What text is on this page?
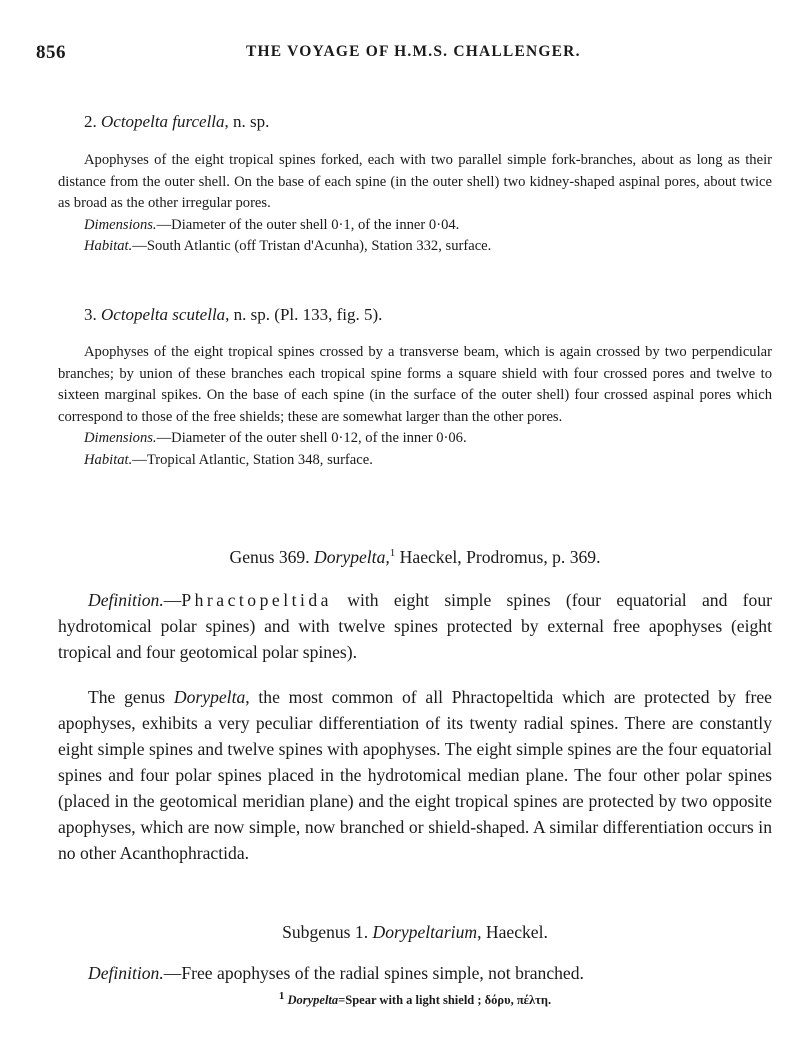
856	THE VOYAGE OF H.M.S. CHALLENGER.
2. Octopelta furcella, n. sp.

Apophyses of the eight tropical spines forked, each with two parallel simple fork-branches, about as long as their distance from the outer shell. On the base of each spine (in the outer shell) two kidney-shaped aspinal pores, about twice as broad as the other irregular pores.

Dimensions.—Diameter of the outer shell 0·1, of the inner 0·04.

Habitat.—South Atlantic (off Tristan d'Acunha), Station 332, surface.

3. Octopelta scutella, n. sp. (Pl. 133, fig. 5).

Apophyses of the eight tropical spines crossed by a transverse beam, which is again crossed by two perpendicular branches; by union of these branches each tropical spine forms a square shield with four crossed pores and twelve to sixteen marginal spikes. On the base of each spine (in the surface of the outer shell) four crossed aspinal pores which correspond to those of the free shields; these are somewhat larger than the other pores.

Dimensions.—Diameter of the outer shell 0·12, of the inner 0·06.

Habitat.—Tropical Atlantic, Station 348, surface.

Genus 369. Dorypelta,$^1$ Haeckel, Prodromus, p. 369.

Definition.—Phractopeltida with eight simple spines (four equatorial and four hydrotomical polar spines) and with twelve spines protected by external free apophyses (eight tropical and four geotomical polar spines).

The genus Dorypelta, the most common of all Phractopeltida which are protected by free apophyses, exhibits a very peculiar differentiation of its twenty radial spines. There are constantly eight simple spines and twelve spines with apophyses. The eight simple spines are the four equatorial spines and four polar spines placed in the hydrotomical median plane. The four other polar spines (placed in the geotomical meridian plane) and the eight tropical spines are protected by two opposite apophyses, which are now simple, now branched or shield-shaped. A similar differentiation occurs in no other Acanthophractida.

Subgenus 1. Dorypeltarium, Haeckel.

Definition.—Free apophyses of the radial spines simple, not branched.

$^1$ Dorypelta=Spear with a light shield ; δόρυ, πέλτη.
